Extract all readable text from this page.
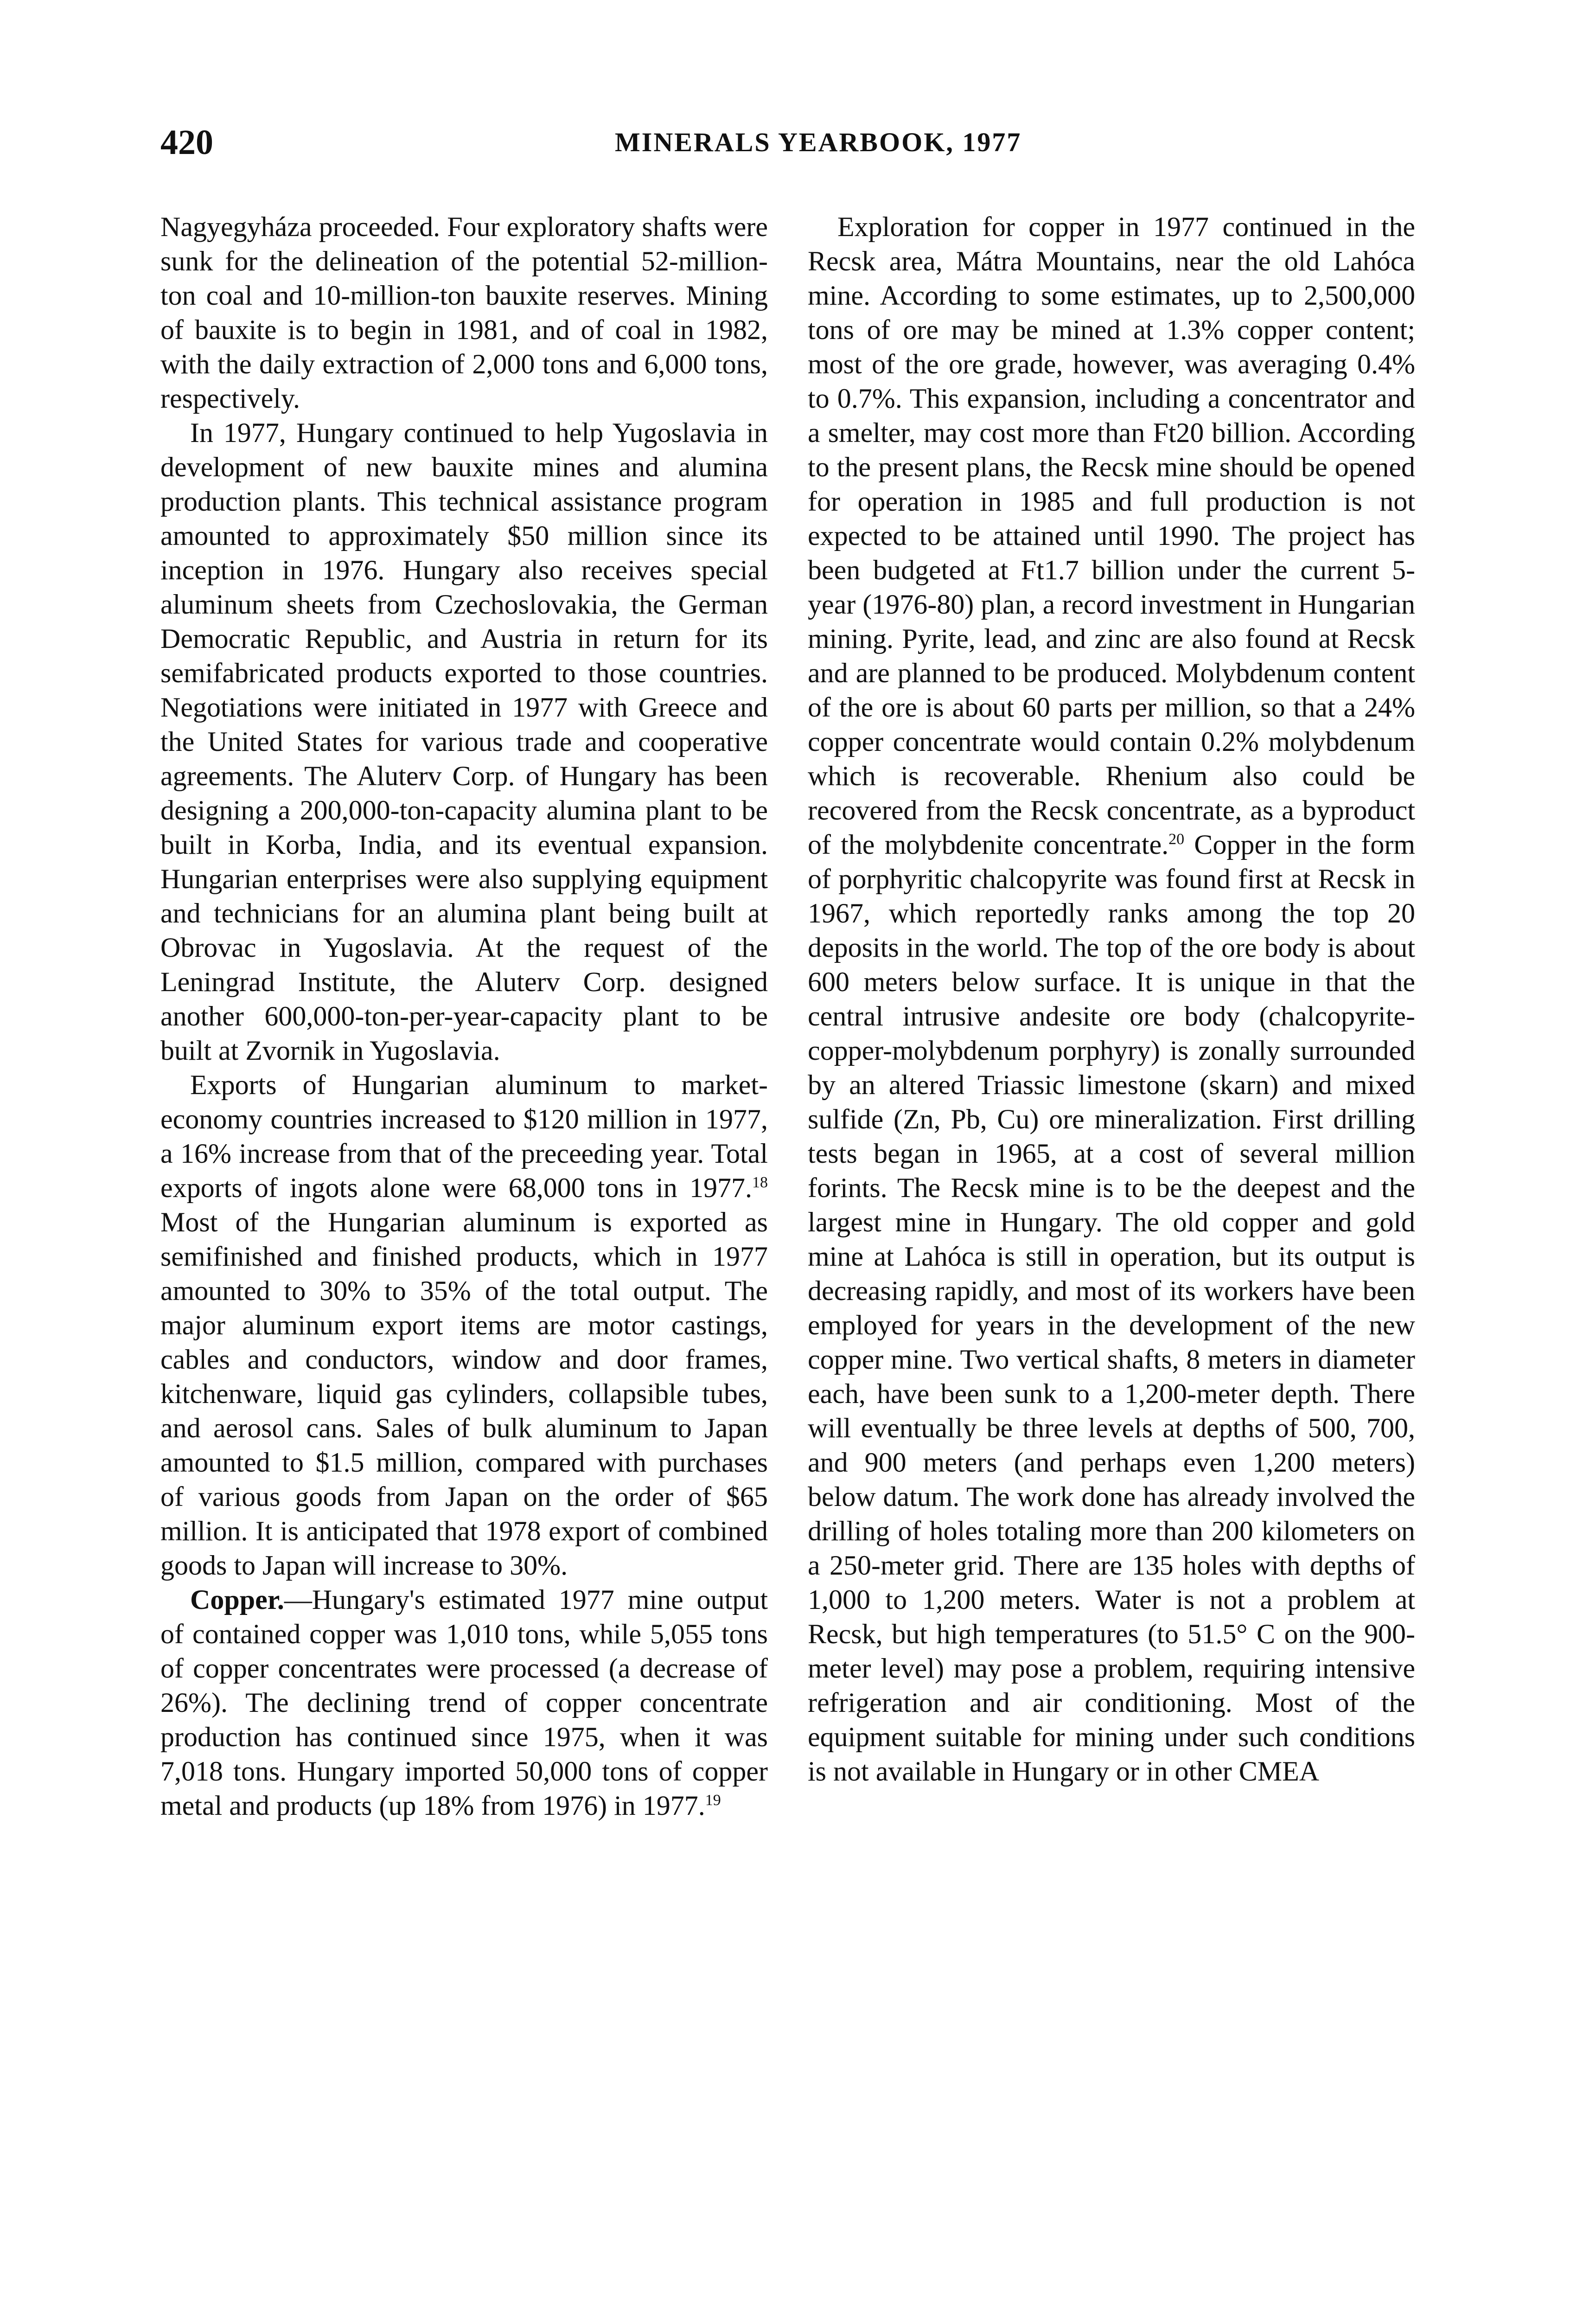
420	MINERALS YEARBOOK, 1977

Nagyegyháza proceeded. Four exploratory shafts were sunk for the delineation of the potential 52-million-ton coal and 10-million-ton bauxite reserves. Mining of bauxite is to begin in 1981, and of coal in 1982, with the daily extraction of 2,000 tons and 6,000 tons, respectively.

In 1977, Hungary continued to help Yugoslavia in development of new bauxite mines and alumina production plants. This technical assistance program amounted to approximately $50 million since its inception in 1976. Hungary also receives special aluminum sheets from Czechoslovakia, the German Democratic Republic, and Austria in return for its semifabricated products exported to those countries. Negotiations were initiated in 1977 with Greece and the United States for various trade and cooperative agreements. The Aluterv Corp. of Hungary has been designing a 200,000-ton-capacity alumina plant to be built in Korba, India, and its eventual expansion. Hungarian enterprises were also supplying equipment and technicians for an alumina plant being built at Obrovac in Yugoslavia. At the request of the Leningrad Institute, the Aluterv Corp. designed another 600,000-ton-per-year-capacity plant to be built at Zvornik in Yugoslavia.

Exports of Hungarian aluminum to market-economy countries increased to $120 million in 1977, a 16% increase from that of the preceeding year. Total exports of ingots alone were 68,000 tons in 1977.18 Most of the Hungarian aluminum is exported as semifinished and finished products, which in 1977 amounted to 30% to 35% of the total output. The major aluminum export items are motor castings, cables and conductors, window and door frames, kitchenware, liquid gas cylinders, collapsible tubes, and aerosol cans. Sales of bulk aluminum to Japan amounted to $1.5 million, compared with purchases of various goods from Japan on the order of $65 million. It is anticipated that 1978 export of combined goods to Japan will increase to 30%.

Copper.—Hungary's estimated 1977 mine output of contained copper was 1,010 tons, while 5,055 tons of copper concentrates were processed (a decrease of 26%). The declining trend of copper concentrate production has continued since 1975, when it was 7,018 tons. Hungary imported 50,000 tons of copper metal and products (up 18% from 1976) in 1977.19

Exploration for copper in 1977 continued in the Recsk area, Mátra Mountains, near the old Lahóca mine. According to some estimates, up to 2,500,000 tons of ore may be mined at 1.3% copper content; most of the ore grade, however, was averaging 0.4% to 0.7%. This expansion, including a concentrator and a smelter, may cost more than Ft20 billion. According to the present plans, the Recsk mine should be opened for operation in 1985 and full production is not expected to be attained until 1990. The project has been budgeted at Ft1.7 billion under the current 5-year (1976-80) plan, a record investment in Hungarian mining. Pyrite, lead, and zinc are also found at Recsk and are planned to be produced. Molybdenum content of the ore is about 60 parts per million, so that a 24% copper concentrate would contain 0.2% molybdenum which is recoverable. Rhenium also could be recovered from the Recsk concentrate, as a byproduct of the molybdenite concentrate.$^{20}$ Copper in the form of porphyritic chalcopyrite was found first at Recsk in 1967, which reportedly ranks among the top 20 deposits in the world. The top of the ore body is about 600 meters below surface. It is unique in that the central intrusive andesite ore body (chalcopyrite-copper-molybdenum porphyry) is zonally surrounded by an altered Triassic limestone (skarn) and mixed sulfide (Zn, Pb, Cu) ore mineralization. First drilling tests began in 1965, at a cost of several million forints. The Recsk mine is to be the deepest and the largest mine in Hungary. The old copper and gold mine at Lahóca is still in operation, but its output is decreasing rapidly, and most of its workers have been employed for years in the development of the new copper mine. Two vertical shafts, 8 meters in diameter each, have been sunk to a 1,200-meter depth. There will eventually be three levels at depths of 500, 700, and 900 meters (and perhaps even 1,200 meters) below datum. The work done has already involved the drilling of holes totaling more than 200 kilometers on a 250-meter grid. There are 135 holes with depths of 1,000 to 1,200 meters. Water is not a problem at Recsk, but high temperatures (to 51.5° C on the 900-meter level) may pose a problem, requiring intensive refrigeration and air conditioning. Most of the equipment suitable for mining under such conditions is not available in Hungary or in other CMEA
